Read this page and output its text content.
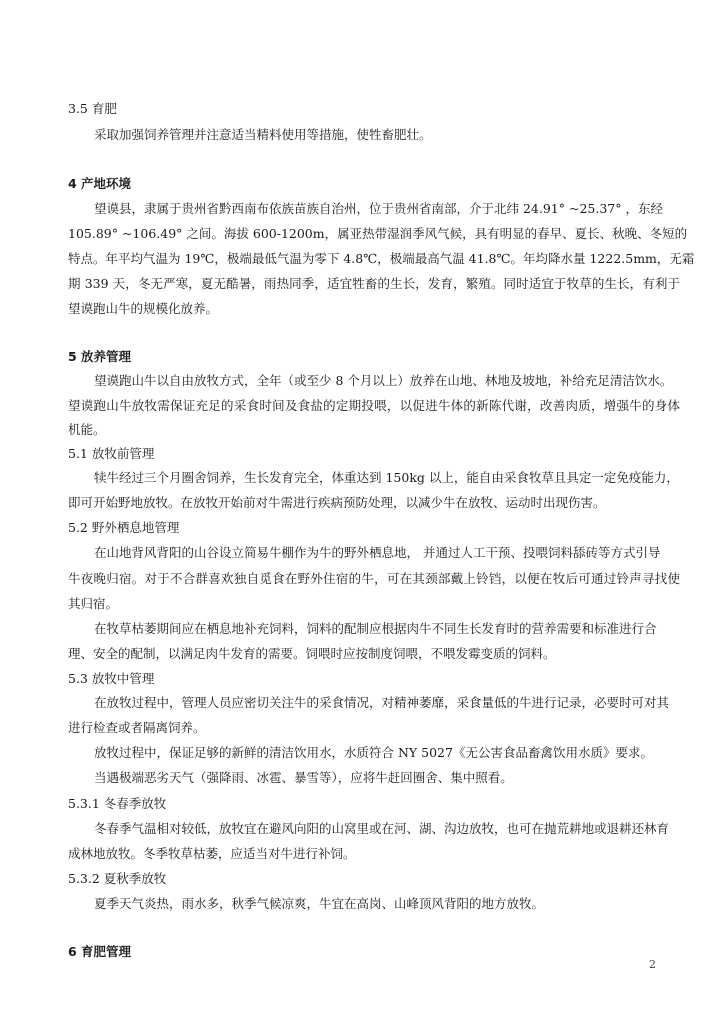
3.5 育肥
采取加强饲养管理并注意适当精料使用等措施，使牲畜肥壮。
4 产地环境
望谟县，隶属于贵州省黔西南布依族苗族自治州，位于贵州省南部，介于北纬 24.91° ~25.37° ，东经
105.89° ~106.49° 之间。海拔 600-1200m，属亚热带湿润季风气候，具有明显的春早、夏长、秋晚、冬短的
特点。年平均气温为 19℃，极端最低气温为零下 4.8℃，极端最高气温 41.8℃。年均降水量 1222.5mm，无霜
期 339 天，冬无严寒，夏无酷暑，雨热同季，适宜牲畜的生长，发育，繁殖。同时适宜于牧草的生长，有利于
望谟跑山牛的规模化放养。
5 放养管理
望谟跑山牛以自由放牧方式，全年（或至少 8 个月以上）放养在山地、林地及坡地，补给充足清洁饮水。
望谟跑山牛放牧需保证充足的采食时间及食盐的定期投喂，以促进牛体的新陈代谢，改善肉质，增强牛的身体
机能。
5.1 放牧前管理
犊牛经过三个月圈舍饲养，生长发育完全，体重达到 150kg 以上，能自由采食牧草且具定一定免疫能力，
即可开始野地放牧。在放牧开始前对牛需进行疾病预防处理，以减少牛在放牧、运动时出现伤害。
5.2 野外栖息地管理
在山地背风背阳的山谷设立简易牛棚作为牛的野外栖息地， 并通过人工干预、投喂饲料舔砖等方式引导
牛夜晚归宿。对于不合群喜欢独自觅食在野外住宿的牛，可在其颈部戴上铃铛，以便在牧后可通过铃声寻找使
其归宿。
在牧草枯萎期间应在栖息地补充饲料，饲料的配制应根据肉牛不同生长发育时的营养需要和标准进行合
理、安全的配制，以满足肉牛发育的需要。饲喂时应按制度饲喂，不喂发霉变质的饲料。
5.3 放牧中管理
在放牧过程中，管理人员应密切关注牛的采食情况，对精神萎靡，采食量低的牛进行记录，必要时可对其
进行检查或者隔离饲养。
放牧过程中，保证足够的新鲜的清洁饮用水，水质符合 NY 5027《无公害食品畜禽饮用水质》要求。
当遇极端恶劣天气（强降雨、冰雹、暴雪等），应将牛赶回圈舍、集中照看。
5.3.1 冬春季放牧
冬春季气温相对较低，放牧宜在避风向阳的山窝里或在河、湖、沟边放牧，也可在抛荒耕地或退耕还林育
成林地放牧。冬季牧草枯萎，应适当对牛进行补饲。
5.3.2 夏秋季放牧
夏季天气炎热，雨水多，秋季气候凉爽，牛宜在高岗、山峰顶风背阳的地方放牧。
6 育肥管理
2
